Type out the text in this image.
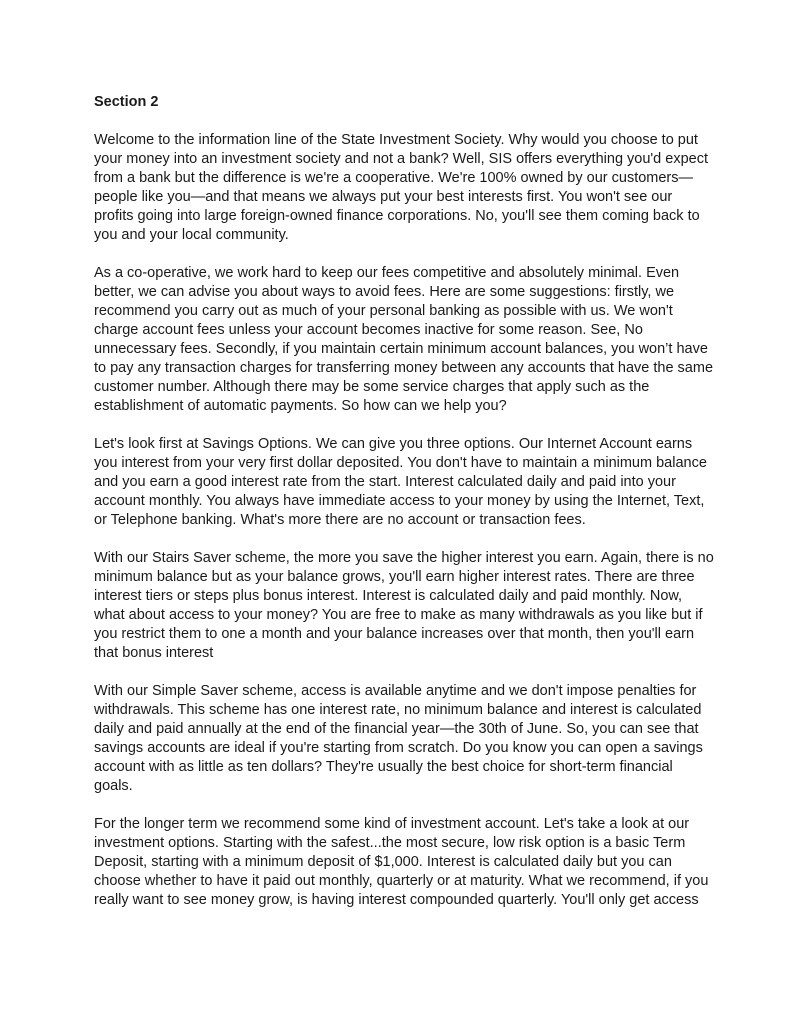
Section 2

Welcome to the information line of the State Investment Society. Why would you choose to put your money into an investment society and not a bank? Well, SIS offers everything you'd expect from a bank but the difference is we're a cooperative. We're 100% owned by our customers—people like you—and that means we always put your best interests first. You won't see our profits going into large foreign-owned finance corporations. No, you'll see them coming back to you and your local community.

As a co-operative, we work hard to keep our fees competitive and absolutely minimal. Even better, we can advise you about ways to avoid fees. Here are some suggestions: firstly, we recommend you carry out as much of your personal banking as possible with us. We won't charge account fees unless your account becomes inactive for some reason. See, No unnecessary fees. Secondly, if you maintain certain minimum account balances, you won’t have to pay any transaction charges for transferring money between any accounts that have the same customer number. Although there may be some service charges that apply such as the establishment of automatic payments. So how can we help you?

Let's look first at Savings Options. We can give you three options. Our Internet Account earns you interest from your very first dollar deposited. You don't have to maintain a minimum balance and you earn a good interest rate from the start. Interest calculated daily and paid into your account monthly. You always have immediate access to your money by using the Internet, Text, or Telephone banking. What's more there are no account or transaction fees.

With our Stairs Saver scheme, the more you save the higher interest you earn. Again, there is no minimum balance but as your balance grows, you'll earn higher interest rates. There are three interest tiers or steps plus bonus interest. Interest is calculated daily and paid monthly. Now, what about access to your money? You are free to make as many withdrawals as you like but if you restrict them to one a month and your balance increases over that month, then you'll earn that bonus interest

With our Simple Saver scheme, access is available anytime and we don't impose penalties for withdrawals. This scheme has one interest rate, no minimum balance and interest is calculated daily and paid annually at the end of the financial year—the 30th of June. So, you can see that savings accounts are ideal if you're starting from scratch. Do you know you can open a savings account with as little as ten dollars? They're usually the best choice for short-term financial goals.

For the longer term we recommend some kind of investment account. Let's take a look at our investment options. Starting with the safest...the most secure, low risk option is a basic Term Deposit, starting with a minimum deposit of $1,000. Interest is calculated daily but you can choose whether to have it paid out monthly, quarterly or at maturity. What we recommend, if you really want to see money grow, is having interest compounded quarterly. You'll only get access
